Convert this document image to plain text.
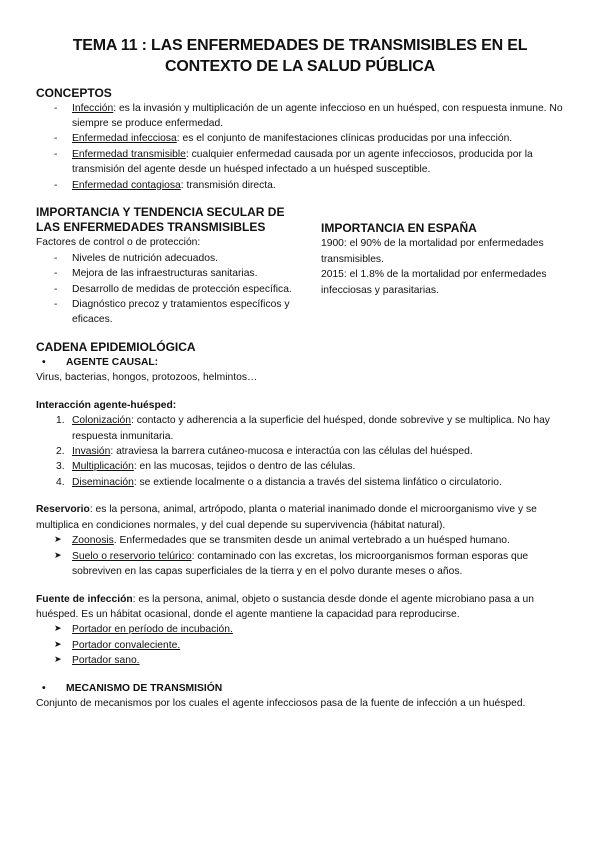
TEMA 11 : LAS ENFERMEDADES DE TRANSMISIBLES EN EL CONTEXTO DE LA SALUD PÚBLICA
CONCEPTOS
- Infección: es la invasión y multiplicación de un agente infeccioso en un huésped, con respuesta inmune. No siempre se produce enfermedad.
- Enfermedad infecciosa: es el conjunto de manifestaciones clínicas producidas por una infección.
- Enfermedad transmisible: cualquier enfermedad causada por un agente infecciosos, producida por la transmisión del agente desde un huésped infectado a un huésped susceptible.
- Enfermedad contagiosa: transmisión directa.
IMPORTANCIA Y TENDENCIA SECULAR DE LAS ENFERMEDADES TRANSMISIBLES

Factores de control o de protección:

- Niveles de nutrición adecuados.
- Mejora de las infraestructuras sanitarias.
- Desarrollo de medidas de protección específica.
- Diagnóstico precoz y tratamientos específicos y eficaces.
IMPORTANCIA EN ESPAÑA

1900: el 90% de la mortalidad por enfermedades transmisibles.

2015: el 1.8% de la mortalidad por enfermedades infecciosas y parasitarias.

CADENA EPIDEMIOLÓGICA
• AGENTE CAUSAL:

Virus, bacterias, hongos, protozoos, helmintos…

Interacción agente-huésped:

1. Colonización: contacto y adherencia a la superficie del huésped, donde sobrevive y se multiplica. No hay respuesta inmunitaria.
2. Invasión: atraviesa la barrera cutáneo-mucosa e interactúa con las células del huésped.
3. Multiplicación: en las mucosas, tejidos o dentro de las células.
4. Diseminación: se extiende localmente o a distancia a través del sistema linfático o circulatorio.

Reservorio: es la persona, animal, artrópodo, planta o material inanimado donde el microorganismo vive y se multiplica en condiciones normales, y del cual depende su supervivencia (hábitat natural).

➤ Zoonosis. Enfermedades que se transmiten desde un animal vertebrado a un huésped humano.
➤ Suelo o reservorio telúrico: contaminado con las excretas, los microorganismos forman esporas que sobreviven en las capas superficiales de la tierra y en el polvo durante meses o años.

Fuente de infección: es la persona, animal, objeto o sustancia desde donde el agente microbiano pasa a un huésped. Es un hábitat ocasional, donde el agente mantiene la capacidad para reproducirse.

➤ Portador en período de incubación.
➤ Portador convaleciente.
➤ Portador sano.
• MECANISMO DE TRANSMISIÓN

Conjunto de mecanismos por los cuales el agente infecciosos pasa de la fuente de infección a un huésped.
